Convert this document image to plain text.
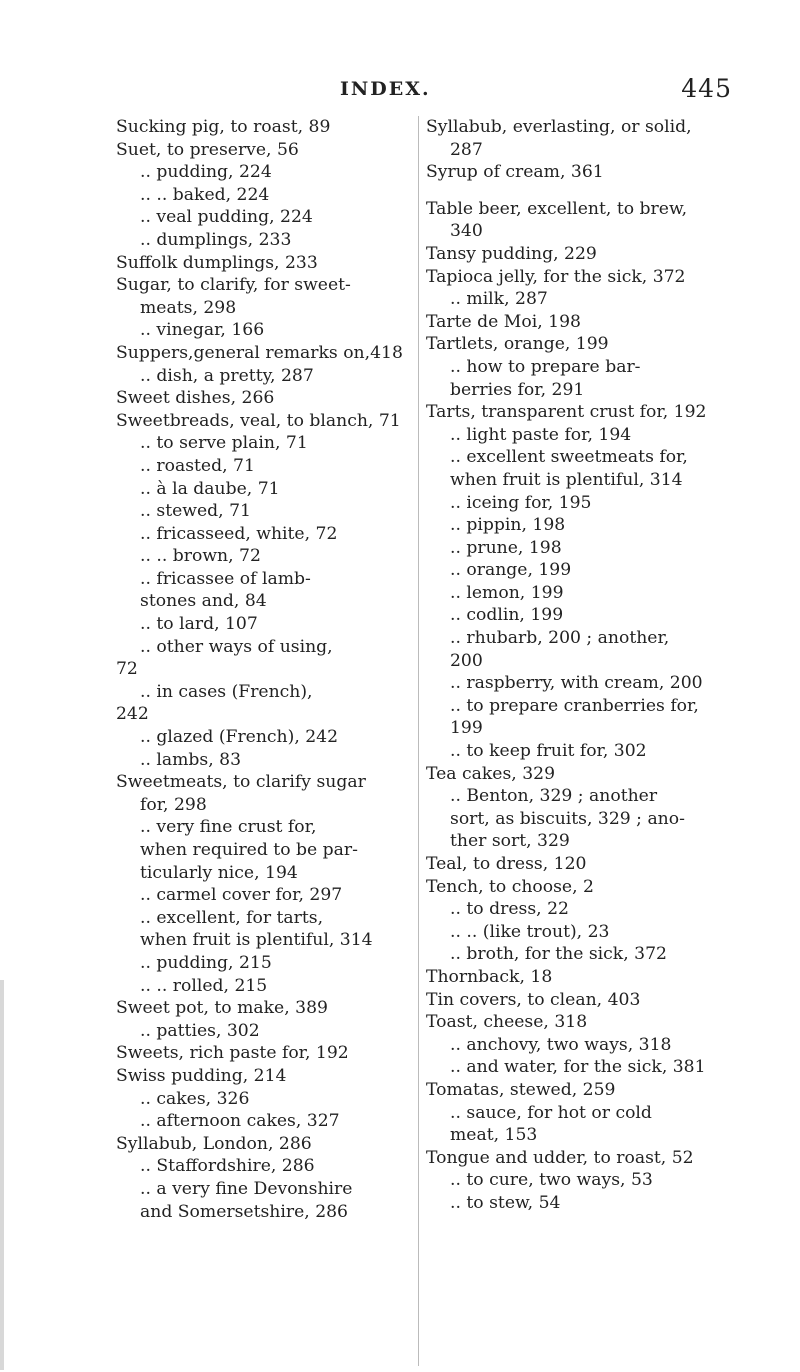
INDEX.	445
Sucking pig, to roast, 89
Suet, to preserve, 56
.. pudding, 224
.. .. baked, 224
.. veal pudding, 224
.. dumplings, 233
Suffolk dumplings, 233
Sugar, to clarify, for sweet-
meats, 298
.. vinegar, 166
Suppers,general remarks on,418
.. dish, a pretty, 287
Sweet dishes, 266
Sweetbreads, veal, to blanch, 71
.. to serve plain, 71
.. roasted, 71
.. à la daube, 71
.. stewed, 71
.. fricasseed, white, 72
.. .. brown, 72
.. fricassee of lamb-
stones and, 84
.. to lard, 107
.. other ways of using,
72
.. in cases (French),
242
.. glazed (French), 242
.. lambs, 83
Sweetmeats, to clarify sugar
for, 298
.. very fine crust for,
when required to be par-
ticularly nice, 194
.. carmel cover for, 297
.. excellent, for tarts,
when fruit is plentiful, 314
.. pudding, 215
.. .. rolled, 215
Sweet pot, to make, 389
.. patties, 302
Sweets, rich paste for, 192
Swiss pudding, 214
.. cakes, 326
.. afternoon cakes, 327
Syllabub, London, 286
.. Staffordshire, 286
.. a very fine Devonshire
and Somersetshire, 286
Syllabub, everlasting, or solid,
287
Syrup of cream, 361
Table beer, excellent, to brew,
340
Tansy pudding, 229
Tapioca jelly, for the sick, 372
.. milk, 287
Tarte de Moi, 198
Tartlets, orange, 199
.. how to prepare bar-
berries for, 291
Tarts, transparent crust for, 192
.. light paste for, 194
.. excellent sweetmeats for,
when fruit is plentiful, 314
.. iceing for, 195
.. pippin, 198
.. prune, 198
.. orange, 199
.. lemon, 199
.. codlin, 199
.. rhubarb, 200 ; another,
200
.. raspberry, with cream, 200
.. to prepare cranberries for,
199
.. to keep fruit for, 302
Tea cakes, 329
.. Benton, 329 ; another
sort, as biscuits, 329 ; ano-
ther sort, 329
Teal, to dress, 120
Tench, to choose, 2
.. to dress, 22
.. .. (like trout), 23
.. broth, for the sick, 372
Thornback, 18
Tin covers, to clean, 403
Toast, cheese, 318
.. anchovy, two ways, 318
.. and water, for the sick, 381
Tomatas, stewed, 259
.. sauce, for hot or cold
meat, 153
Tongue and udder, to roast, 52
.. to cure, two ways, 53
.. to stew, 54
